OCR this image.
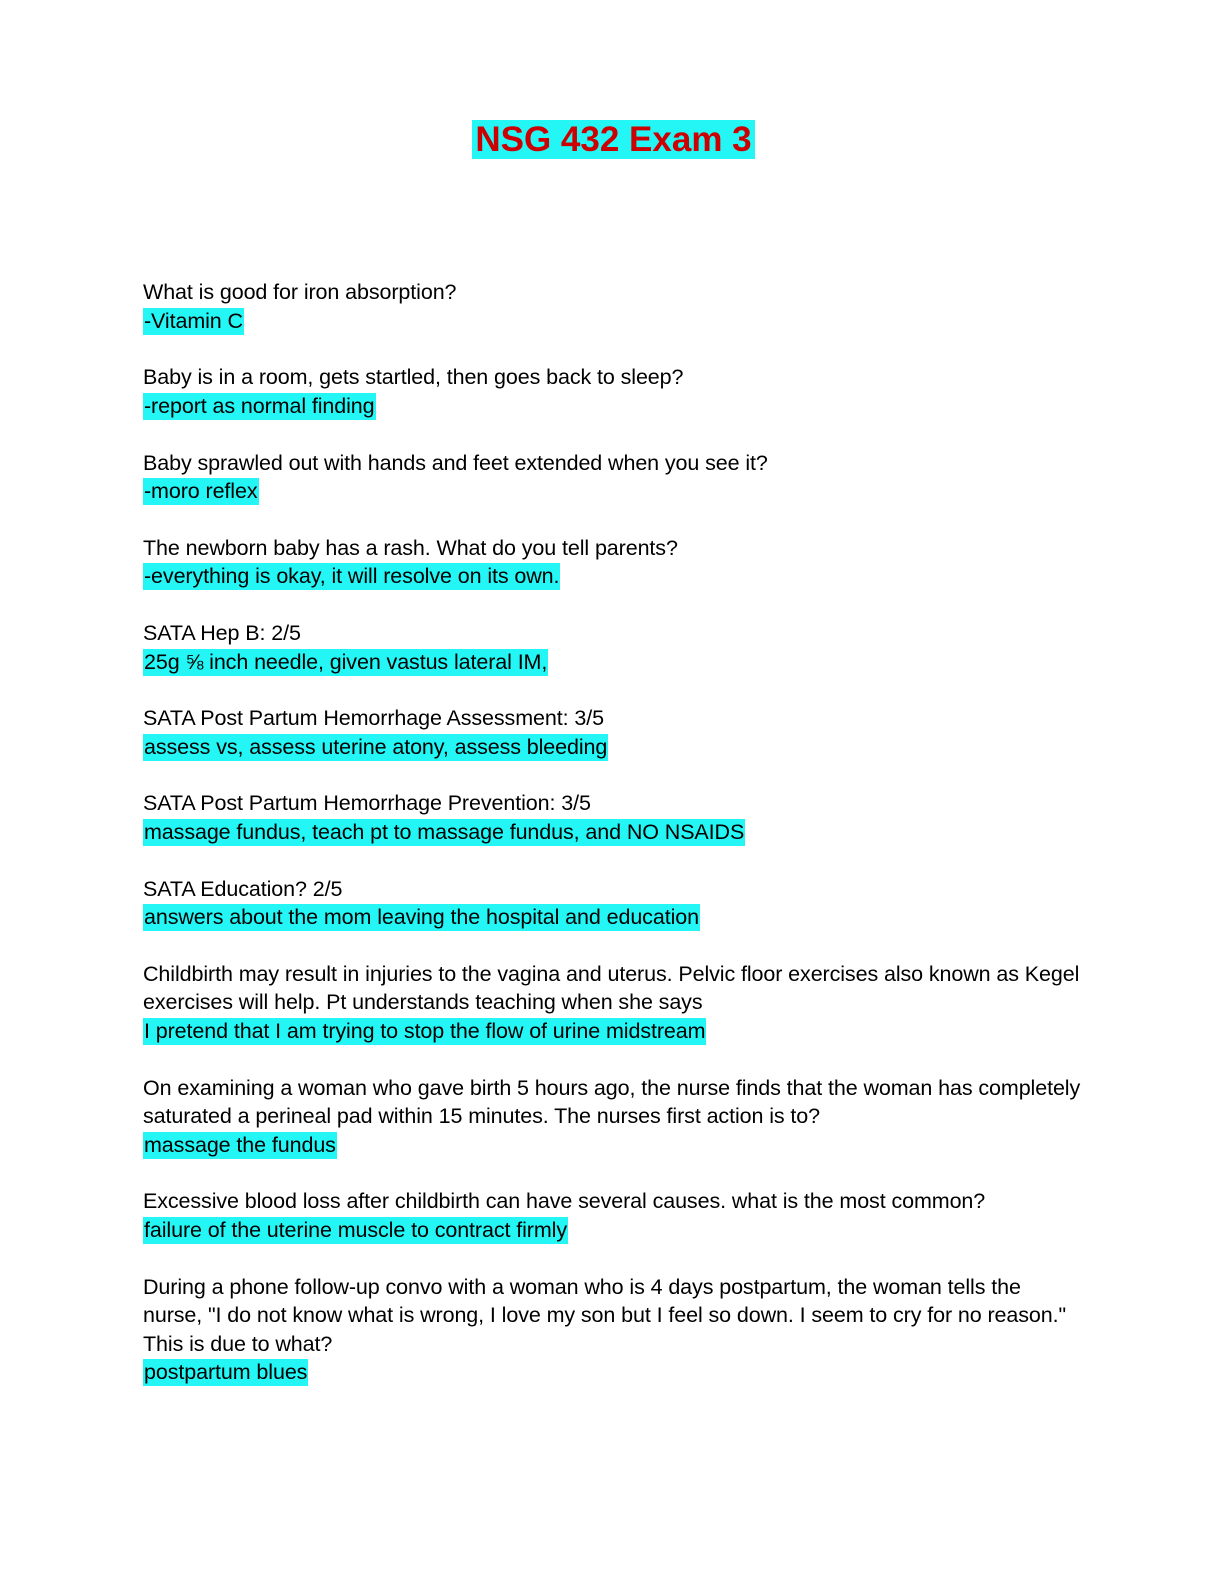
NSG 432 Exam 3

What is good for iron absorption?

-Vitamin C

Baby is in a room, gets startled, then goes back to sleep?

-report as normal finding

Baby sprawled out with hands and feet extended when you see it?

-moro reflex

The newborn baby has a rash. What do you tell parents?

-everything is okay, it will resolve on its own.

SATA Hep B: 2/5

25g ⅝ inch needle, given vastus lateral IM,

SATA Post Partum Hemorrhage Assessment: 3/5

assess vs, assess uterine atony, assess bleeding

SATA Post Partum Hemorrhage Prevention: 3/5

massage fundus, teach pt to massage fundus, and NO NSAIDS

SATA Education? 2/5

answers about the mom leaving the hospital and education

Childbirth may result in injuries to the vagina and uterus. Pelvic floor exercises also known as Kegel exercises will help. Pt understands teaching when she says

I pretend that I am trying to stop the flow of urine midstream

On examining a woman who gave birth 5 hours ago, the nurse finds that the woman has completely saturated a perineal pad within 15 minutes. The nurses first action is to?

massage the fundus

Excessive blood loss after childbirth can have several causes. what is the most common?

failure of the uterine muscle to contract firmly

During a phone follow-up convo with a woman who is 4 days postpartum, the woman tells the nurse, "I do not know what is wrong, I love my son but I feel so down. I seem to cry for no reason." This is due to what?

postpartum blues
